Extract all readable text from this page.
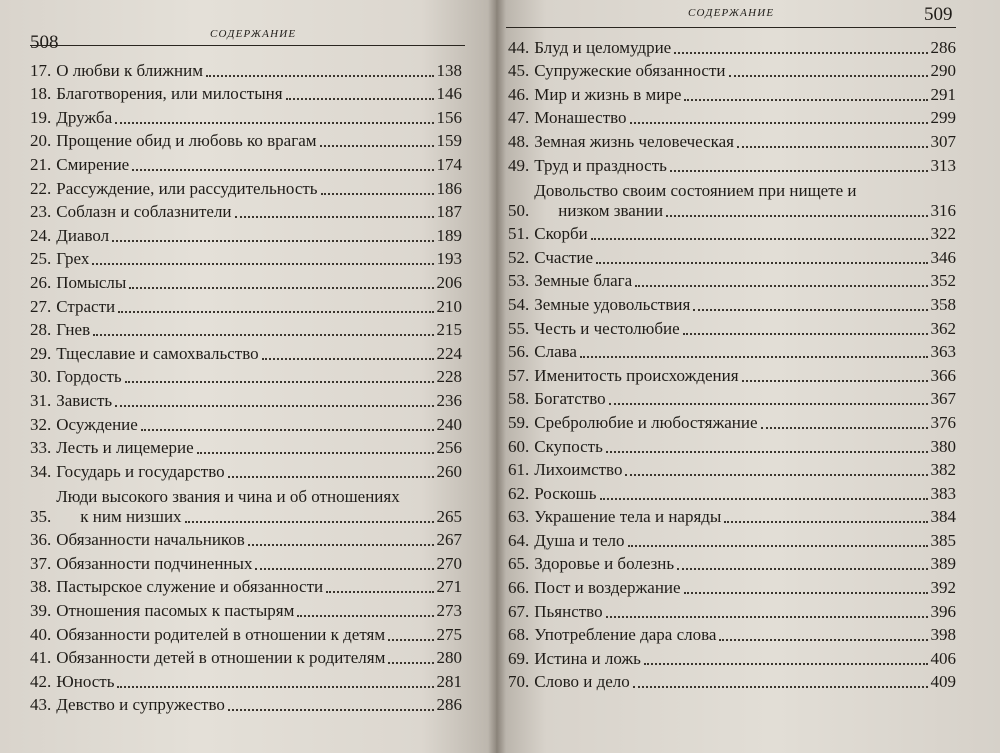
508	СОДЕРЖАНИЕ
17. О любви к ближним	138
18. Благотворения, или милостыня	146
19. Дружба	156
20. Прощение обид и любовь ко врагам	159
21. Смирение	174
22. Рассуждение, или рассудительность	186
23. Соблазн и соблазнители	187
24. Диавол	189
25. Грех	193
26. Помыслы	206
27. Страсти	210
28. Гнев	215
29. Тщеславие и самохвальство	224
30. Гордость	228
31. Зависть	236
32. Осуждение	240
33. Лесть и лицемерие	256
34. Государь и государство	260
35.
Люди высокого звания и чина и об отношениях
к ним низших	265
36. Обязанности начальников	267
37. Обязанности подчиненных	270
38. Пастырское служение и обязанности	271
39. Отношения пасомых к пастырям	273
40. Обязанности родителей в отношении к детям	275
41. Обязанности детей в отношении к родителям	280
42. Юность	281
43. Девство и супружество	286
СОДЕРЖАНИЕ	509
44. Блуд и целомудрие	286
45. Супружеские обязанности	290
46. Мир и жизнь в мире	291
47. Монашество	299
48. Земная жизнь человеческая	307
49. Труд и праздность	313
50.
Довольство своим состоянием при нищете и
низком звании	316
51. Скорби	322
52. Счастие	346
53. Земные блага	352
54. Земные удовольствия	358
55. Честь и честолюбие	362
56. Слава	363
57. Именитость происхождения	366
58. Богатство	367
59. Сребролюбие и любостяжание	376
60. Скупость	380
61. Лихоимство	382
62. Роскошь	383
63. Украшение тела и наряды	384
64. Душа и тело	385
65. Здоровье и болезнь	389
66. Пост и воздержание	392
67. Пьянство	396
68. Употребление дара слова	398
69. Истина и ложь	406
70. Слово и дело	409
